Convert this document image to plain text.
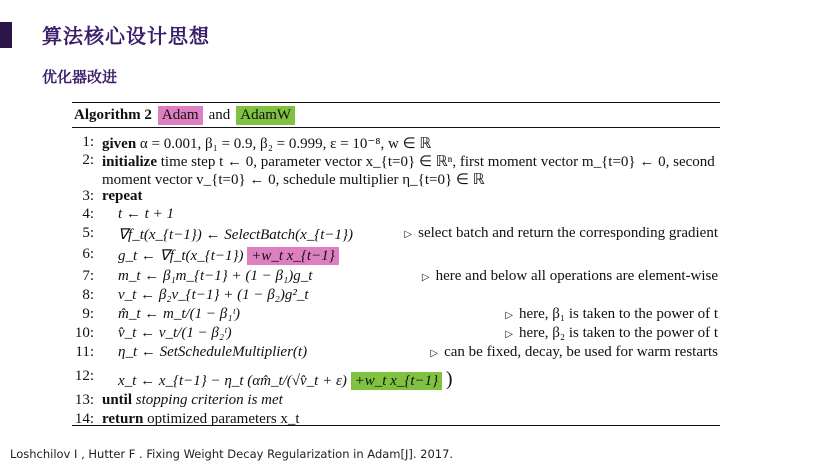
算法核心设计思想
优化器改进
Algorithm 2 Adam and AdamW
1: given α = 0.001, β₁ = 0.9, β₂ = 0.999, ε = 10⁻⁸, w ∈ ℝ
2: initialize time step t ← 0, parameter vector x_{t=0} ∈ ℝⁿ, first moment vector m_{t=0} ← 0, second
moment vector v_{t=0} ← 0, schedule multiplier η_{t=0} ∈ ℝ
3: repeat
4: t ← t + 1
5: ∇f_t(x_{t−1}) ← SelectBatch(x_{t−1})	▷ select batch and return the corresponding gradient
6: g_t ← ∇f_t(x_{t−1}) +w_t x_{t−1}
7: m_t ← β₁m_{t−1} + (1 − β₁)g_t	▷ here and below all operations are element-wise
8: v_t ← β₂v_{t−1} + (1 − β₂)g²_t
9: m̂_t ← m_t/(1 − β₁ᵗ)	▷ here, β₁ is taken to the power of t
10: v̂_t ← v_t/(1 − β₂ᵗ)	▷ here, β₂ is taken to the power of t
11: η_t ← SetScheduleMultiplier(t)	▷ can be fixed, decay, be used for warm restarts
12: x_t ← x_{t−1} − η_t (αm̂_t/(√v̂_t + ε) +w_t x_{t−1} )
13: until stopping criterion is met
14: return optimized parameters x_t
Loshchilov I , Hutter F . Fixing Weight Decay Regularization in Adam[J]. 2017.
